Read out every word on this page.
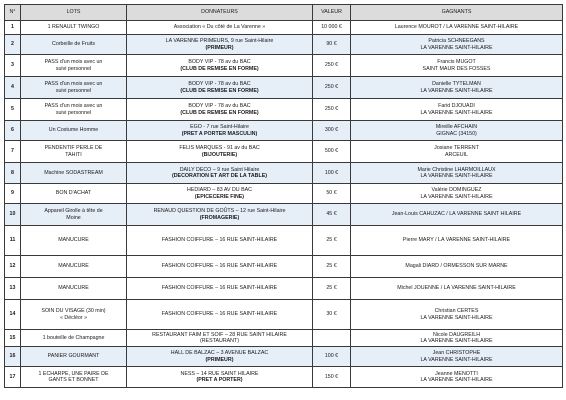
N°	LOTS	DONNATEURS	VALEUR	GAGNANTS
1	1 RENAULT TWINGO	Association « Du côté de La Varenne »	10 000 €	Laurence MOUROT / LA VARENNE SAINT-HILAIRE

2	Corbeille de Fruits	LA VARENNE PRIMEURS, 9 rue Saint-Hilaire
(PRIMEUR)	90 €	Patricia SCHNEEGANS
LA VARENNE SAINT-HILAIRE

3	PASS d'un mois avec un
suivi personnel	BODY VIP - 78 av du BAC
(CLUB DE REMISE EN FORME)	250 €	Francis MUGOT
SAINT MAUR DES FOSSES

4	PASS d'un mois avec un
suivi personnel	BODY VIP - 78 av du BAC
(CLUB DE REMISE EN FORME)	250 €	Danielle TYTELMAN
LA VARENNE SAINT-HILAIRE

5	PASS d'un mois avec un
suivi personnel	BODY VIP - 78 av du BAC
(CLUB DE REMISE EN FORME)	250 €	Farid DJOUADI
LA VARENNE SAINT-HILAIRE

6	Un Costume Homme	EGO - 7 rue Saint-Hilaire
(PRET A PORTER MASCULIN)	300 €	Mireille AFCHAIN
GIGNAC (34150)

7	PENDENTIF PERLE DE
TAHITI	FELIS MARQUES - 91 av du BAC
(BIJOUTERIE)	500 €	Josiane TERRENT
ARCEUIL

8	Machine SODASTREAM	DAILY DECO – 9 rue Saint Hilaire
(DECORATION ET ART DE LA TABLE)	100 €	Marie Christine LHARMOILLAUX
LA VARENNE SAINT-HILAIRE

9	BON D'ACHAT	HEDIARD – 83 AV DU BAC
(EPICECERIE FINE)	50 €	Valérie DOMINGUEZ
LA VARENNE SAINT-HILAIRE

10	Appareil Girolle à tête de
Moine	RENAUD QUESTION DE GOÛTS – 12 rue Saint-Hilaire
(FROMAGERIE)	45 €	Jean-Louis CAHUZAC / LA VARENNE SAINT HILAIRE

11	MANUCURE	FASHION COIFFURE – 16 RUE SAINT-HILAIRE	25 €	Pierre MARY / LA VARENNE SAINT-HILAIRE

12	MANUCURE	FASHION COIFFURE – 16 RUE SAINT-HILAIRE	25 €	Magali DIARD / ORMESSON SUR MARNE

13	MANUCURE	FASHION COIFFURE – 16 RUE SAINT-HILAIRE	25 €	Michel JOUENNE / LA VARENNE SAINT-HILAIRE

14	SOIN DU VISAGE (30 min)
« Décléor »	FASHION COIFFURE – 16 RUE SAINT-HILAIRE	30 €	Christian CERTES
LA VARENNE SAINT-HILAIRE

15	1 bouteille de Champagne	RESTAURANT FAIM ET SOIF – 28 RUE SAINT HILAIRE
(RESTAURANT)		Nicole DAUGREILH
LA VARENNE SAINT-HILAIRE

16	PANIER GOURMANT	HALL DE BALZAC – 3 AVENUE BALZAC
(PRIMEUR)	100 €	Jean CHRISTOPHE
LA VARENNE SAINT-HILAIRE

17	1 ECHARPE, UNE PAIRE DE
GANTS ET BONNET	NESS – 14 RUE SAINT HILAIRE
(PRET A PORTER)	150 €	Jeanne MENOTTI
LA VARENNE SAINT-HILAIRE
